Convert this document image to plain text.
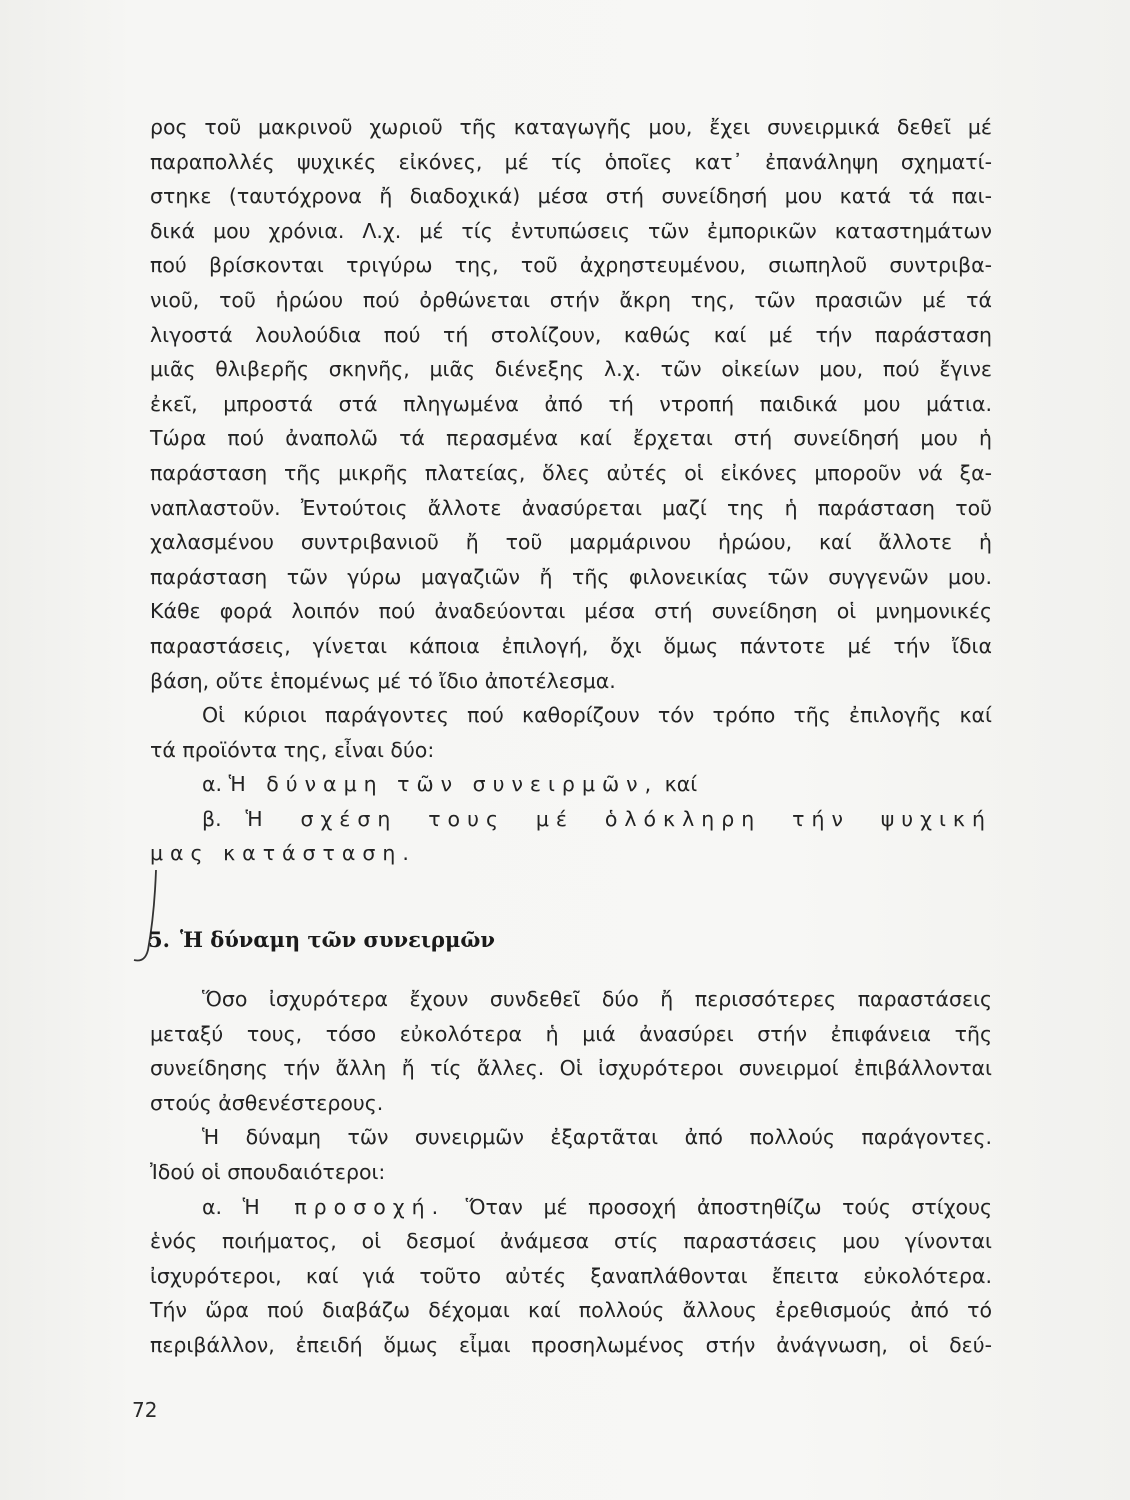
ρος τοῦ μακρινοῦ χωριοῦ τῆς καταγωγῆς μου, ἔχει συνειρμικά δεθεῖ μέ
παραπολλές ψυχικές εἰκόνες, μέ τίς ὁποῖες κατ᾽ ἐπανάληψη σχηματί-
στηκε (ταυτόχρονα ἤ διαδοχικά) μέσα στή συνείδησή μου κατά τά παι-
δικά μου χρόνια. Λ.χ. μέ τίς ἐντυπώσεις τῶν ἐμπορικῶν καταστημάτων
πού βρίσκονται τριγύρω της, τοῦ ἀχρηστευμένου, σιωπηλοῦ συντριβα-
νιοῦ, τοῦ ἡρώου πού ὀρθώνεται στήν ἄκρη της, τῶν πρασιῶν μέ τά
λιγοστά λουλούδια πού τή στολίζουν, καθώς καί μέ τήν παράσταση
μιᾶς θλιβερῆς σκηνῆς, μιᾶς διένεξης λ.χ. τῶν οἰκείων μου, πού ἔγινε
ἐκεῖ, μπροστά στά πληγωμένα ἀπό τή ντροπή παιδικά μου μάτια.
Τώρα πού ἀναπολῶ τά περασμένα καί ἔρχεται στή συνείδησή μου ἡ
παράσταση τῆς μικρῆς πλατείας, ὅλες αὐτές οἱ εἰκόνες μποροῦν νά ξα-
ναπλαστοῦν. Ἐντούτοις ἄλλοτε ἀνασύρεται μαζί της ἡ παράσταση τοῦ
χαλασμένου συντριβανιοῦ ἤ τοῦ μαρμάρινου ἡρώου, καί ἄλλοτε ἡ
παράσταση τῶν γύρω μαγαζιῶν ἤ τῆς φιλονεικίας τῶν συγγενῶν μου.
Κάθε φορά λοιπόν πού ἀναδεύονται μέσα στή συνείδηση οἱ μνημονικές
παραστάσεις, γίνεται κάποια ἐπιλογή, ὄχι ὅμως πάντοτε μέ τήν ἴδια
βάση, οὔτε ἑπομένως μέ τό ἴδιο ἀποτέλεσμα.
Οἱ κύριοι παράγοντες πού καθορίζουν τόν τρόπο τῆς ἐπιλογῆς καί
τά προϊόντα της, εἶναι δύο:
α. Ἡ δύναμη τῶν συνειρμῶν, καί
β. Ἡ σχέση τους μέ ὁλόκληρη τήν ψυχική
μας κατάσταση.
5. Ἡ δύναμη τῶν συνειρμῶν
Ὅσο ἰσχυρότερα ἔχουν συνδεθεῖ δύο ἤ περισσότερες παραστάσεις
μεταξύ τους, τόσο εὐκολότερα ἡ μιά ἀνασύρει στήν ἐπιφάνεια τῆς
συνείδησης τήν ἄλλη ἤ τίς ἄλλες. Οἱ ἰσχυρότεροι συνειρμοί ἐπιβάλλονται
στούς ἀσθενέστερους.
Ἡ δύναμη τῶν συνειρμῶν ἐξαρτᾶται ἀπό πολλούς παράγοντες.
Ἰδού οἱ σπουδαιότεροι:
α. Ἡ προσοχή. Ὅταν μέ προσοχή ἀποστηθίζω τούς στίχους
ἑνός ποιήματος, οἱ δεσμοί ἀνάμεσα στίς παραστάσεις μου γίνονται
ἰσχυρότεροι, καί γιά τοῦτο αὐτές ξαναπλάθονται ἔπειτα εὐκολότερα.
Τήν ὥρα πού διαβάζω δέχομαι καί πολλούς ἄλλους ἐρεθισμούς ἀπό τό
περιβάλλον, ἐπειδή ὅμως εἶμαι προσηλωμένος στήν ἀνάγνωση, οἱ δεύ-
72
